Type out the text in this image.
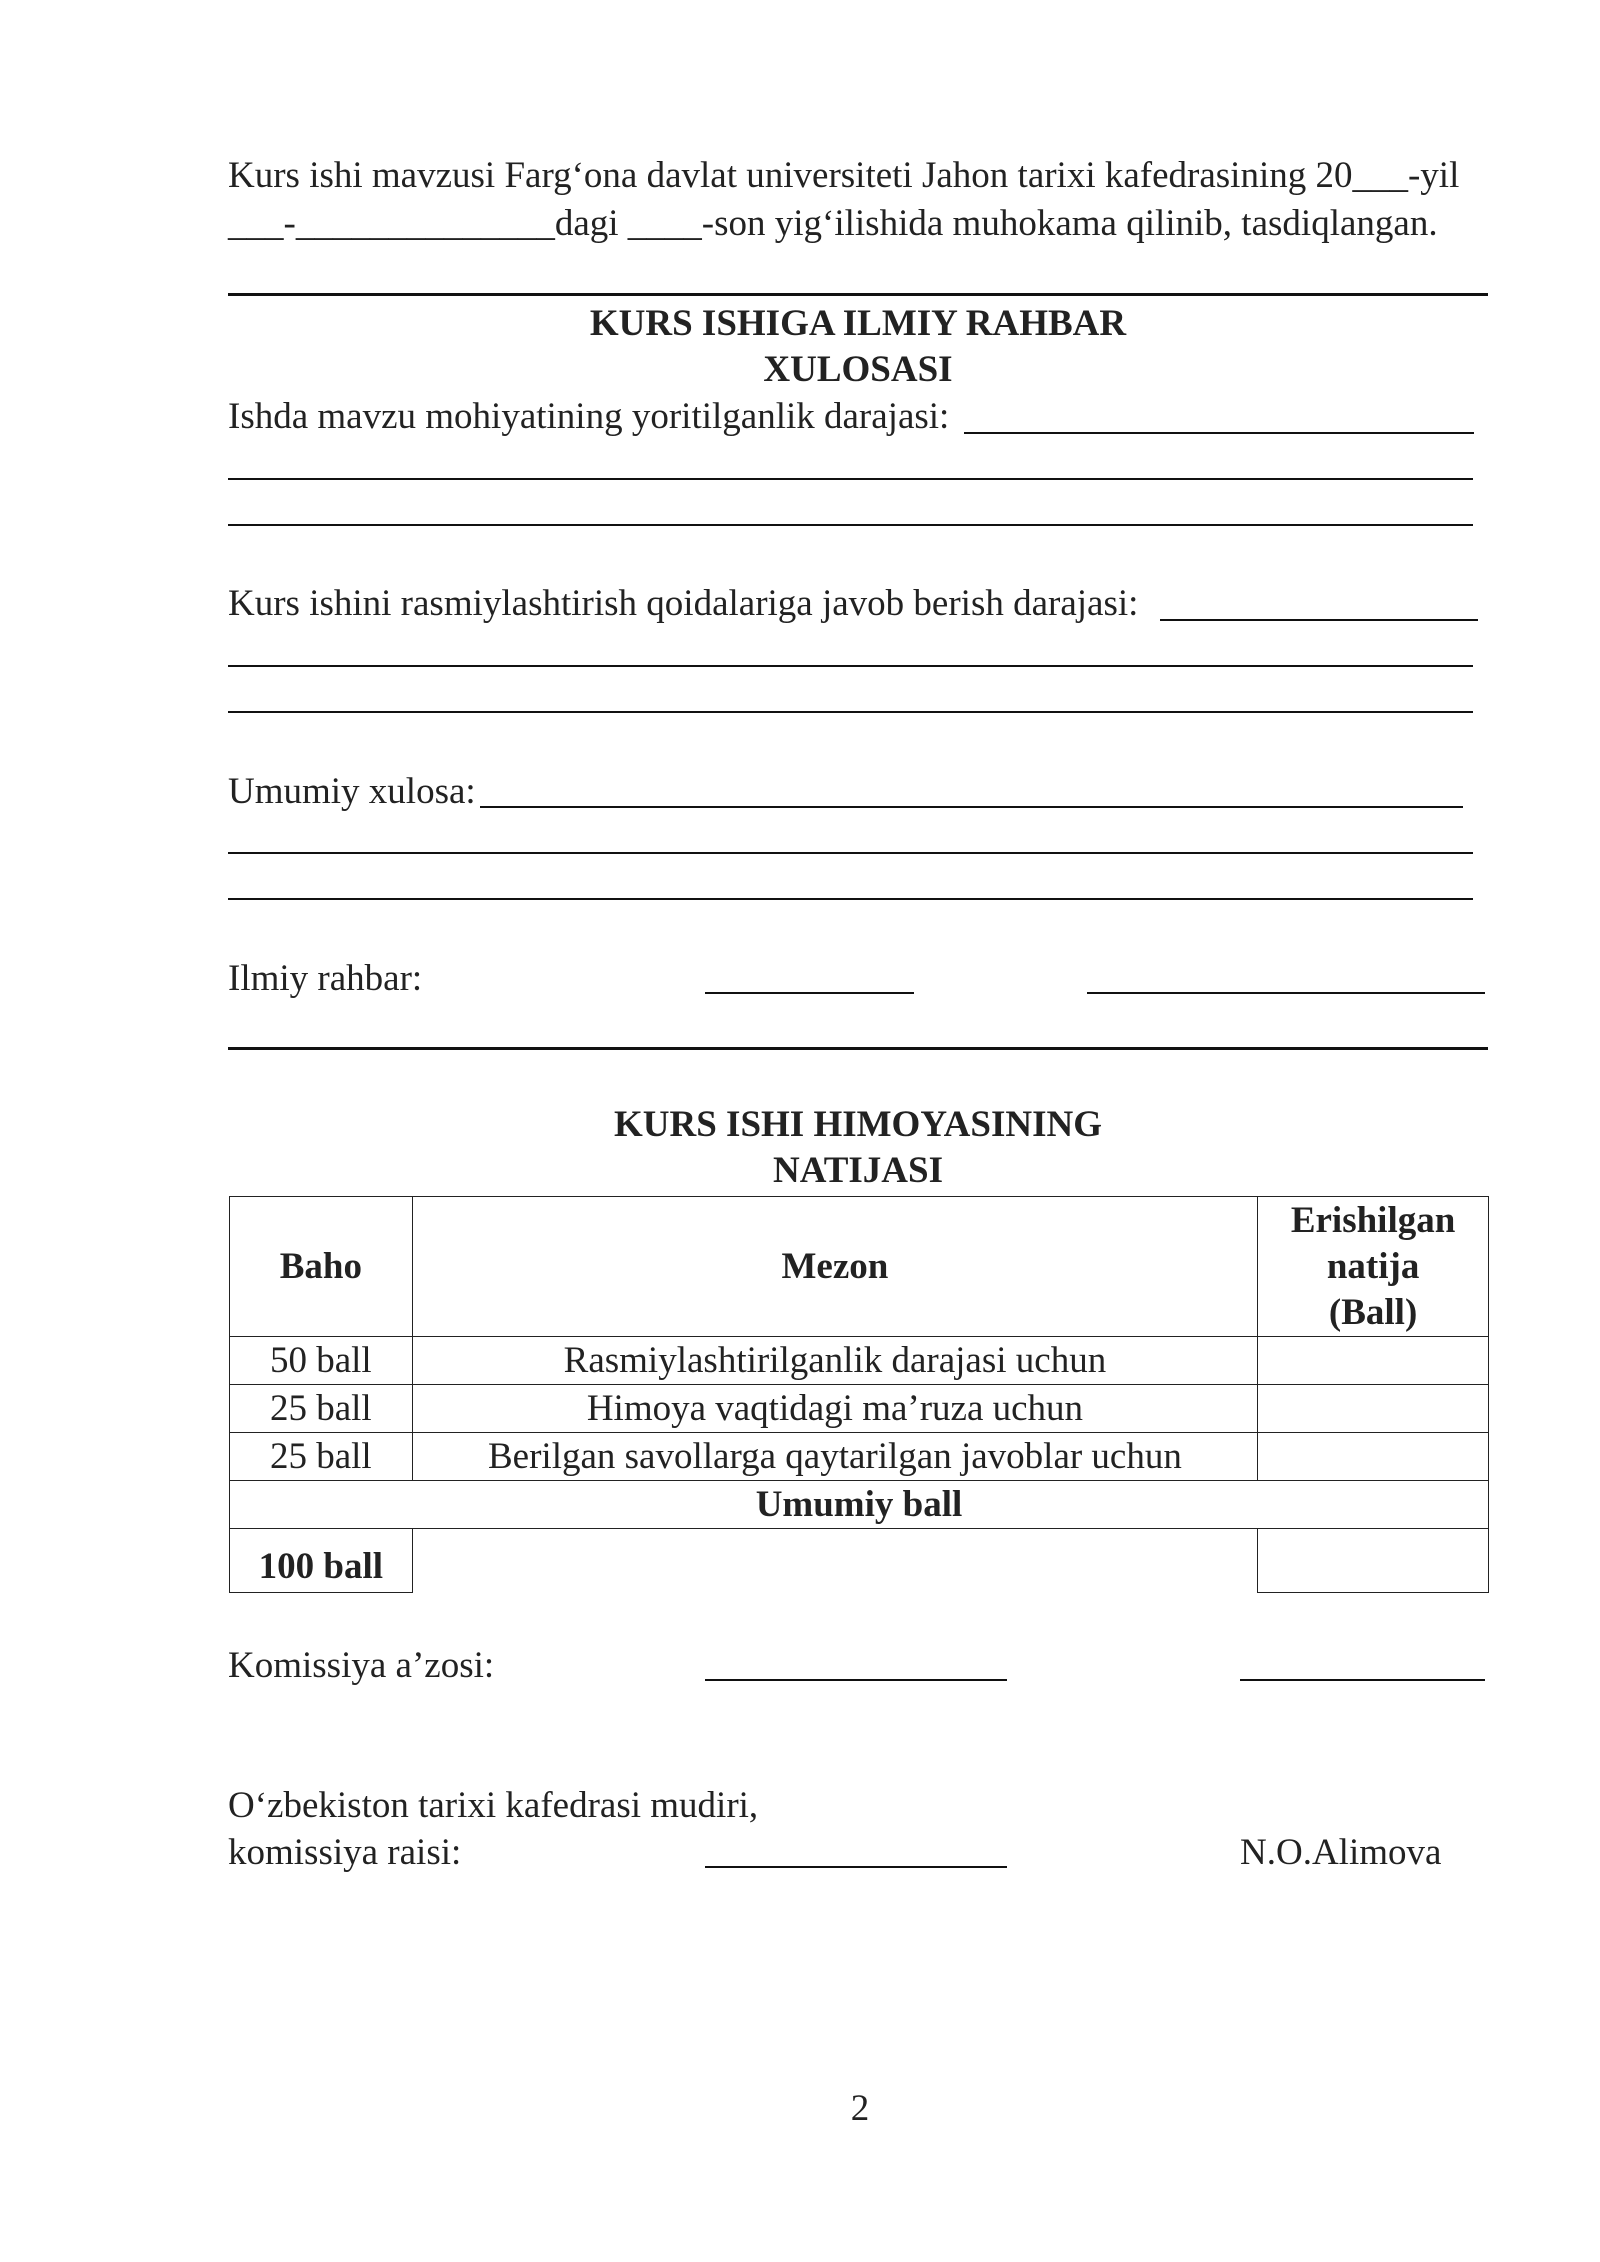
Kurs ishi mavzusi Farg‘ona davlat universiteti Jahon tarixi kafedrasining 20___-yil
___-______________dagi ____-son yig‘ilishida muhokama qilinib, tasdiqlangan.
KURS ISHIGA ILMIY RAHBAR
XULOSASI
Ishda mavzu mohiyatining yoritilganlik darajasi:
Kurs ishini rasmiylashtirish qoidalariga javob berish darajasi:
Umumiy xulosa:
Ilmiy rahbar:
KURS ISHI HIMOYASINING
NATIJASI
Baho	Mezon	Erishilgan
natija
(Ball)

50 ball	Rasmiylashtirilganlik darajasi uchun	
25 ball	Himoya vaqtidagi ma’ruza uchun	
25 ball	Berilgan savollarga qaytarilgan javoblar uchun	
Umumiy ball		
100 ball		
Komissiya a’zosi:
O‘zbekiston tarixi kafedrasi mudiri,
komissiya raisi:	N.O.Alimova
2
